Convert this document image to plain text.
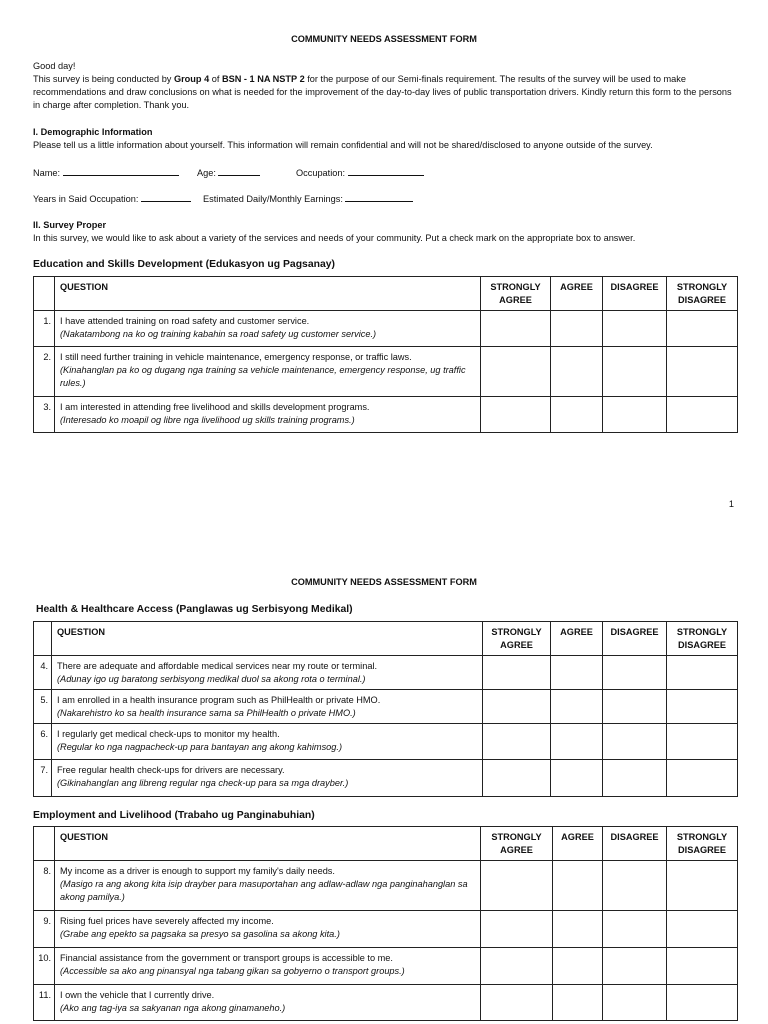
COMMUNITY NEEDS ASSESSMENT FORM
Good day!
This survey is being conducted by Group 4 of BSN - 1 NA NSTP 2 for the purpose of our Semi-finals requirement. The results of the survey will be used to make recommendations and draw conclusions on what is needed for the improvement of the day-to-day lives of public transportation drivers. Kindly return this form to the persons in charge after completion. Thank you.
I. Demographic Information
Please tell us a little information about yourself. This information will remain confidential and will not be shared/disclosed to anyone outside of the survey.
Name:	Age:	Occupation:
Years in Said Occupation:	Estimated Daily/Monthly Earnings:
II. Survey Proper
In this survey, we would like to ask about a variety of the services and needs of your community. Put a check mark on the appropriate box to answer.
Education and Skills Development (Edukasyon ug Pagsanay)
	QUESTION	STRONGLY AGREE	AGREE	DISAGREE	STRONGLY DISAGREE
1.	I have attended training on road safety and customer service.
(Nakatambong na ko og training kabahin sa road safety ug customer service.)				

2.	I still need further training in vehicle maintenance, emergency response, or traffic laws.
(Kinahanglan pa ko og dugang nga training sa vehicle maintenance, emergency response, ug traffic rules.)				

3.	I am interested in attending free livelihood and skills development programs.
(Interesado ko moapil og libre nga livelihood ug skills training programs.)				

1
COMMUNITY NEEDS ASSESSMENT FORM
Health & Healthcare Access (Panglawas ug Serbisyong Medikal)
	QUESTION	STRONGLY AGREE	AGREE	DISAGREE	STRONGLY DISAGREE
4.	There are adequate and affordable medical services near my route or terminal.
(Adunay igo ug baratong serbisyong medikal duol sa akong rota o terminal.)				

5.	I am enrolled in a health insurance program such as PhilHealth or private HMO.
(Nakarehistro ko sa health insurance sama sa PhilHealth o private HMO.)				

6.	I regularly get medical check-ups to monitor my health.
(Regular ko nga nagpacheck-up para bantayan ang akong kahimsog.)				

7.	Free regular health check-ups for drivers are necessary.
(Gikinahanglan ang libreng regular nga check-up para sa mga drayber.)				

Employment and Livelihood (Trabaho ug Panginabuhian)
	QUESTION	STRONGLY AGREE	AGREE	DISAGREE	STRONGLY DISAGREE
8.	My income as a driver is enough to support my family's daily needs.
(Masigo ra ang akong kita isip drayber para masuportahan ang adlaw-adlaw nga panginahanglan sa akong pamilya.)				

9.	Rising fuel prices have severely affected my income.
(Grabe ang epekto sa pagsaka sa presyo sa gasolina sa akong kita.)				

10.	Financial assistance from the government or transport groups is accessible to me.
(Accessible sa ako ang pinansyal nga tabang gikan sa gobyerno o transport groups.)				

11.	I own the vehicle that I currently drive.
(Ako ang tag-iya sa sakyanan nga akong ginamaneho.)				
